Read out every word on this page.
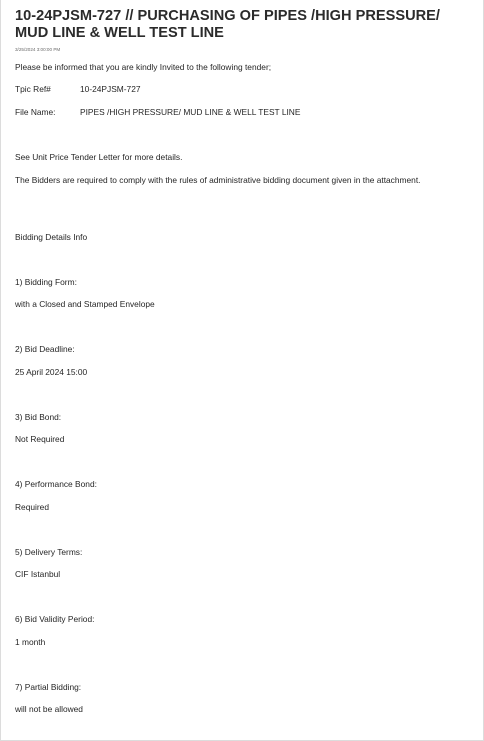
10-24PJSM-727 // PURCHASING OF PIPES /HIGH PRESSURE/ MUD LINE & WELL TEST LINE
3/25/2024 3:00:00 PM
Please be informed that you are kindly Invited to the following tender;
Tpic Ref#	10-24PJSM-727
File Name:	PIPES /HIGH PRESSURE/ MUD LINE & WELL TEST LINE
See Unit Price Tender Letter for more details.
The Bidders are required to comply with the rules of administrative bidding document given in the attachment.
Bidding Details Info
1) Bidding Form:
with a Closed and Stamped Envelope
2) Bid Deadline:
25 April 2024 15:00
3) Bid Bond:
Not Required
4) Performance Bond:
Required
5) Delivery Terms:
CIF Istanbul
6) Bid Validity Period:
1 month
7) Partial Bidding:
will not be allowed
